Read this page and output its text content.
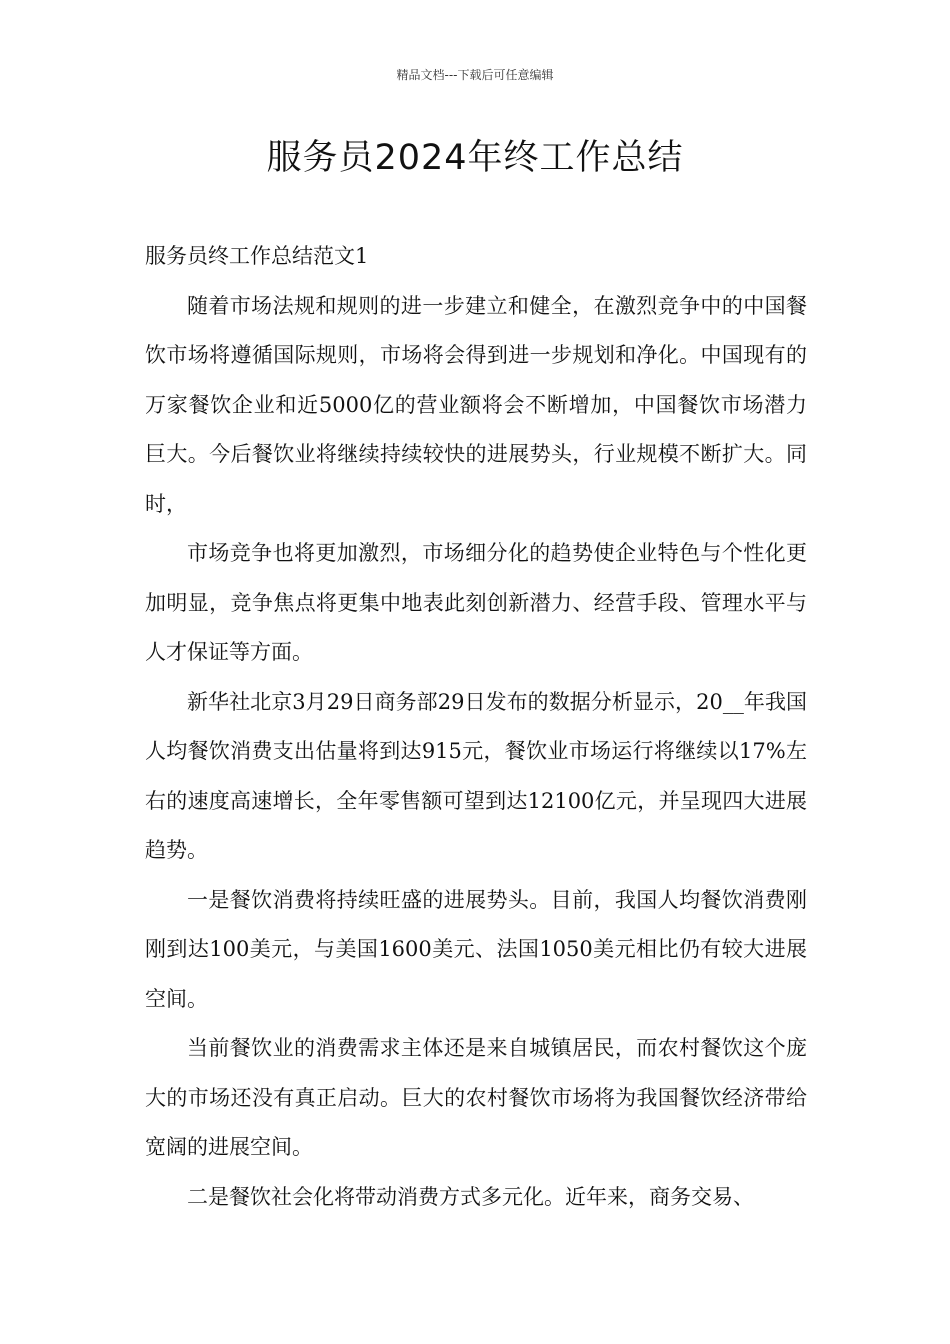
精品文档---下载后可任意编辑
服务员2024年终工作总结

服务员终工作总结范文1

随着市场法规和规则的进一步建立和健全，在激烈竞争中的中国餐饮市场将遵循国际规则，市场将会得到进一步规划和净化。中国现有的万家餐饮企业和近5000亿的营业额将会不断增加，中国餐饮市场潜力巨大。今后餐饮业将继续持续较快的进展势头，行业规模不断扩大。同时，

市场竞争也将更加激烈，市场细分化的趋势使企业特色与个性化更加明显，竞争焦点将更集中地表此刻创新潜力、经营手段、管理水平与人才保证等方面。

新华社北京3月29日商务部29日发布的数据分析显示，20__年我国人均餐饮消费支出估量将到达915元，餐饮业市场运行将继续以17%左右的速度高速增长，全年零售额可望到达12100亿元，并呈现四大进展趋势。

一是餐饮消费将持续旺盛的进展势头。目前，我国人均餐饮消费刚刚到达100美元，与美国1600美元、法国1050美元相比仍有较大进展空间。

当前餐饮业的消费需求主体还是来自城镇居民，而农村餐饮这个庞大的市场还没有真正启动。巨大的农村餐饮市场将为我国餐饮经济带给宽阔的进展空间。

二是餐饮社会化将带动消费方式多元化。近年来，商务交易、
